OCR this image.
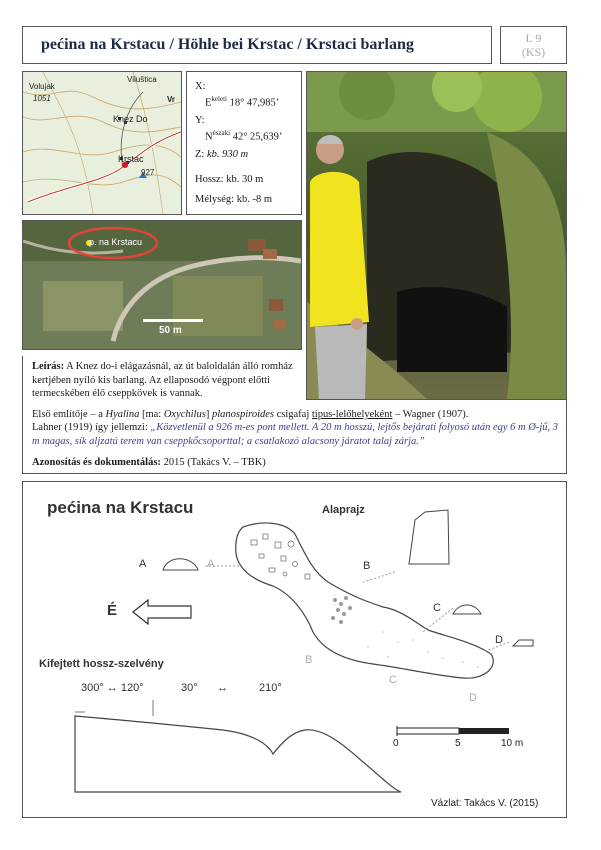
pećina na Krstacu / Höhle bei Krstac / Krstaci barlang	L 9
(KS)
Volujak
1051
Viluštica
Knez Do
Krstac
927
Vr
X:
$E^{keleti}$ 18° 47,985’
Y:
$N^{északi}$ 42° 25,639’
Z: kb. 930 m
Hossz: kb. 30 m
Mélység: kb. -8 m
p. na Krstacu
50 m
Leírás: A Knez do-i elágazásnál, az út baloldalán álló romház kertjében nyíló kis barlang. Az ellaposodó végpont előtti termecskében élő cseppkövek is vannak.
Első említője – a Hyalina [ma: Oxychilus] planospiroides csigafaj típus-lelőhelyeként – Wagner (1907).
Lahner (1919) így jellemzi: „Közvetlenül a 926 m-es pont mellett. A 20 m hosszú, lejtős bejárati folyosó után egy 6 m Ø-jű, 3 m magas, sík aljzatú terem van cseppkőcsoporttal; a csatlakozó alacsony járatot talaj zárja.”
Azonosítás és dokumentálás: 2015 (Takács V. – TBK)
pećina na Krstacu	Alaprajz
Kifejtett hossz-szelvény
A	A	B
B
C
C
D
D
É
300° ↔ 120°	30° ↔	210°
0	5	10 m
Vázlat: Takács V. (2015)
